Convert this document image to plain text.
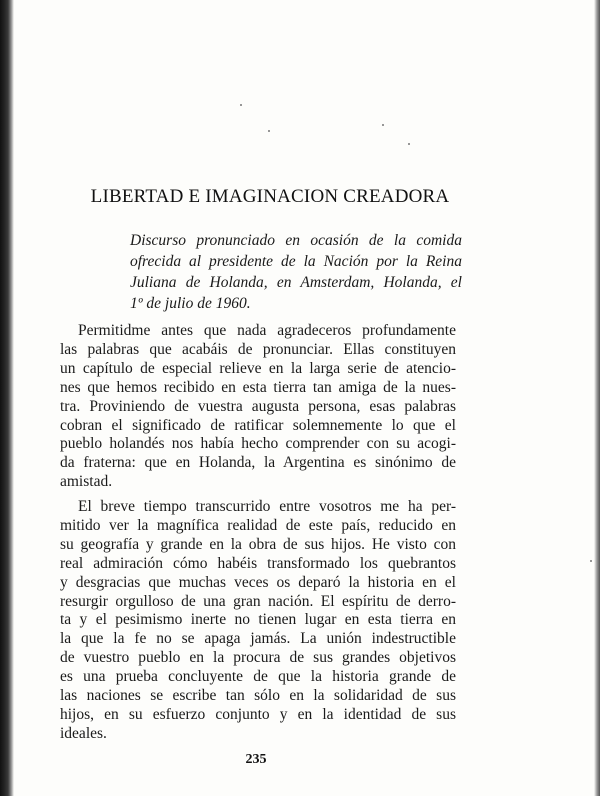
LIBERTAD E IMAGINACION CREADORA
Discurso pronunciado en ocasión de la comida
ofrecida al presidente de la Nación por la Reina
Juliana de Holanda, en Amsterdam, Holanda, el
1º de julio de 1960.
Permitidme antes que nada agradeceros profundamente
las palabras que acabáis de pronunciar. Ellas constituyen
un capítulo de especial relieve en la larga serie de atencio-
nes que hemos recibido en esta tierra tan amiga de la nues-
tra. Proviniendo de vuestra augusta persona, esas palabras
cobran el significado de ratificar solemnemente lo que el
pueblo holandés nos había hecho comprender con su acogi-
da fraterna: que en Holanda, la Argentina es sinónimo de
amistad.
El breve tiempo transcurrido entre vosotros me ha per-
mitido ver la magnífica realidad de este país, reducido en
su geografía y grande en la obra de sus hijos. He visto con
real admiración cómo habéis transformado los quebrantos
y desgracias que muchas veces os deparó la historia en el
resurgir orgulloso de una gran nación. El espíritu de derro-
ta y el pesimismo inerte no tienen lugar en esta tierra en
la que la fe no se apaga jamás. La unión indestructible
de vuestro pueblo en la procura de sus grandes objetivos
es una prueba concluyente de que la historia grande de
las naciones se escribe tan sólo en la solidaridad de sus
hijos, en su esfuerzo conjunto y en la identidad de sus
ideales.
235
